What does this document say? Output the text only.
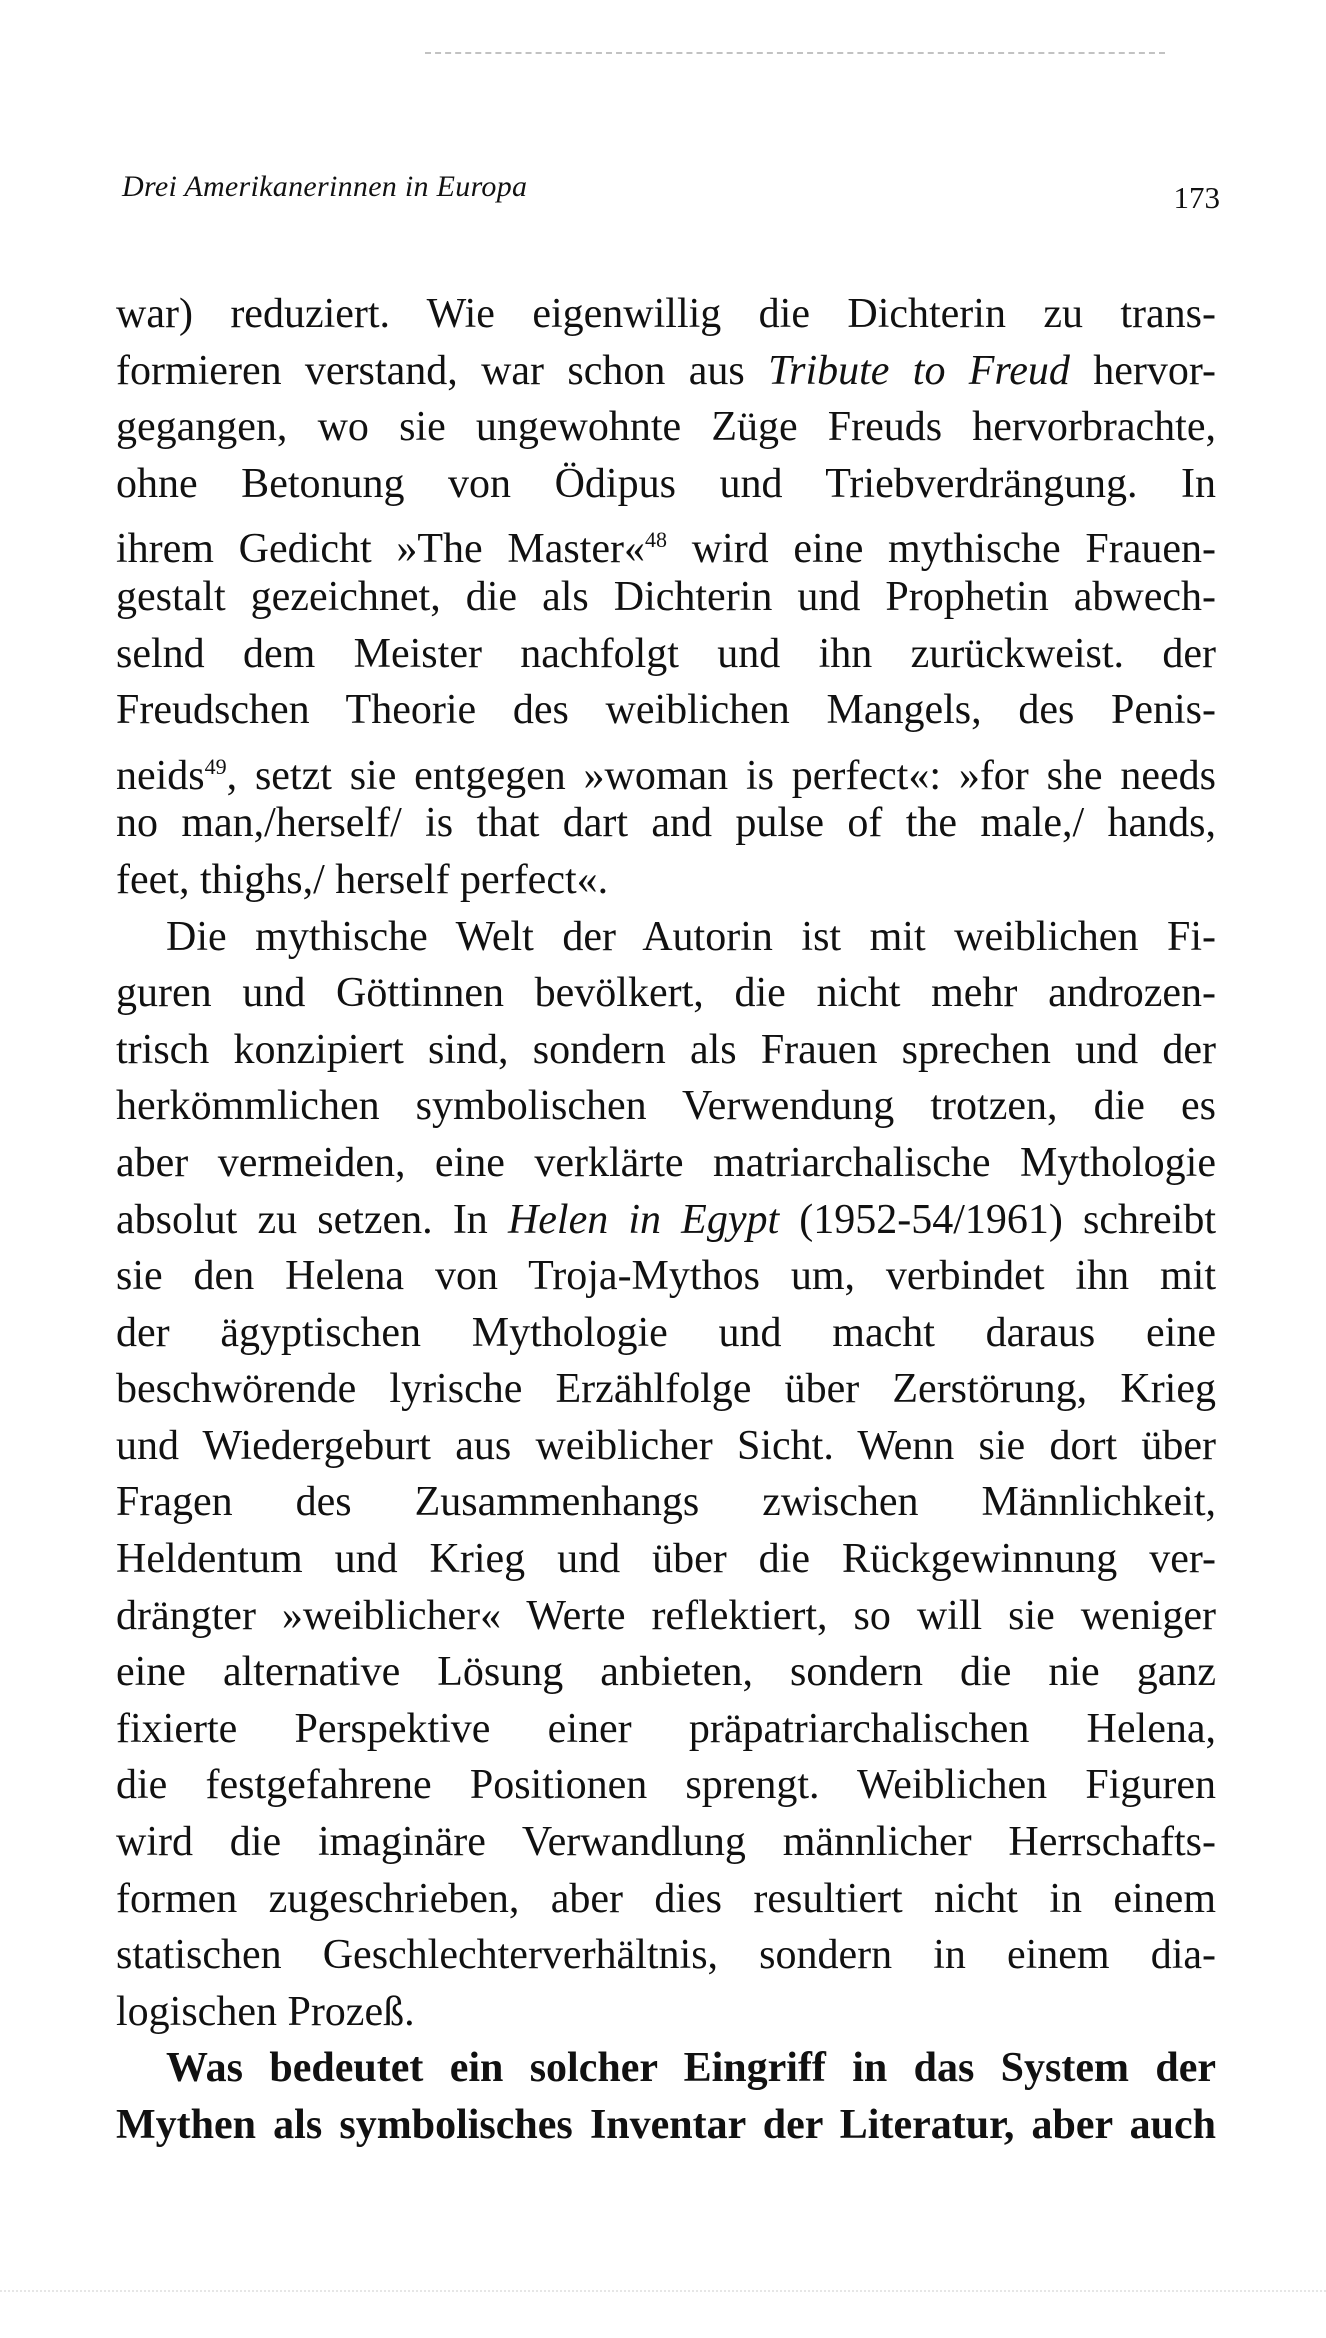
Drei Amerikanerinnen in Europa	173
war) reduziert. Wie eigenwillig die Dichterin zu trans-
formieren verstand, war schon aus Tribute to Freud hervor-
gegangen, wo sie ungewohnte Züge Freuds hervorbrachte,
ohne Betonung von Ödipus und Triebverdrängung. In
ihrem Gedicht »The Master«$^{48}$ wird eine mythische Frauen-
gestalt gezeichnet, die als Dichterin und Prophetin abwech-
selnd dem Meister nachfolgt und ihn zurückweist. der
Freudschen Theorie des weiblichen Mangels, des Penis-
neids$^{49}$, setzt sie entgegen »woman is perfect«: »for she needs
no man,/herself/ is that dart and pulse of the male,/ hands,
feet, thighs,/ herself perfect«.
Die mythische Welt der Autorin ist mit weiblichen Fi-
guren und Göttinnen bevölkert, die nicht mehr androzen-
trisch konzipiert sind, sondern als Frauen sprechen und der
herkömmlichen symbolischen Verwendung trotzen, die es
aber vermeiden, eine verklärte matriarchalische Mythologie
absolut zu setzen. In Helen in Egypt (1952-54/1961) schreibt
sie den Helena von Troja-Mythos um, verbindet ihn mit
der ägyptischen Mythologie und macht daraus eine
beschwörende lyrische Erzählfolge über Zerstörung, Krieg
und Wiedergeburt aus weiblicher Sicht. Wenn sie dort über
Fragen des Zusammenhangs zwischen Männlichkeit,
Heldentum und Krieg und über die Rückgewinnung ver-
drängter »weiblicher« Werte reflektiert, so will sie weniger
eine alternative Lösung anbieten, sondern die nie ganz
fixierte Perspektive einer präpatriarchalischen Helena,
die festgefahrene Positionen sprengt. Weiblichen Figuren
wird die imaginäre Verwandlung männlicher Herrschafts-
formen zugeschrieben, aber dies resultiert nicht in einem
statischen Geschlechterverhältnis, sondern in einem dia-
logischen Prozeß.
Was bedeutet ein solcher Eingriff in das System der
Mythen als symbolisches Inventar der Literatur, aber auch
